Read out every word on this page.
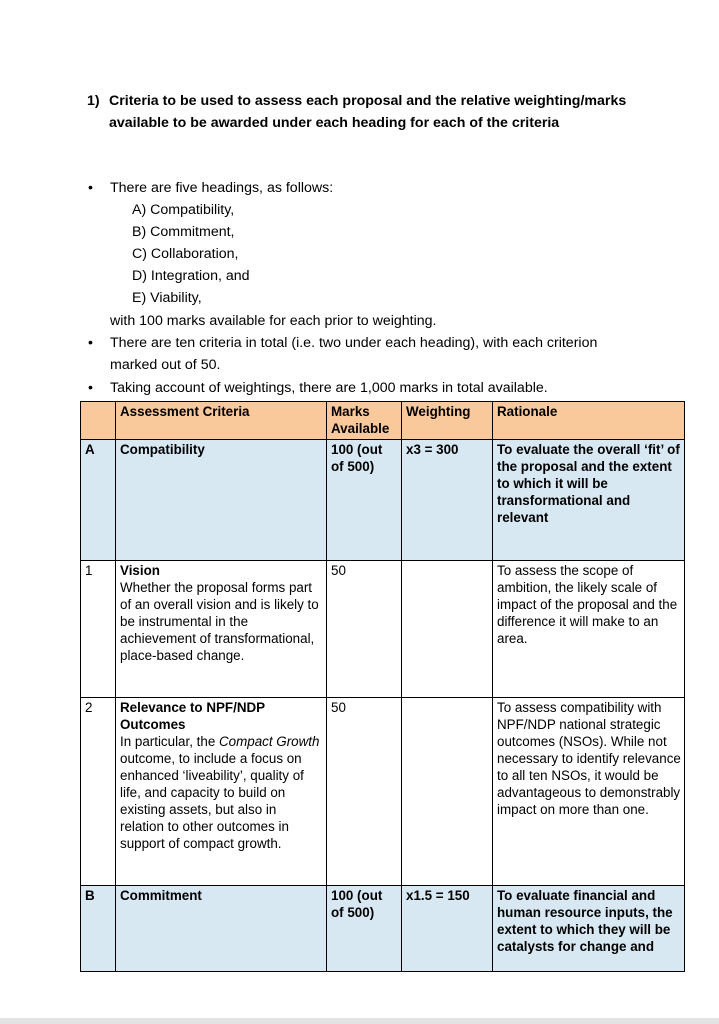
1) Criteria to be used to assess each proposal and the relative weighting/marks available to be awarded under each heading for each of the criteria
• There are five headings, as follows:
A) Compatibility,
B) Commitment,
C) Collaboration,
D) Integration, and
E) Viability,
with 100 marks available for each prior to weighting.
• There are ten criteria in total (i.e. two under each heading), with each criterion marked out of 50.
• Taking account of weightings, there are 1,000 marks in total available.
	Assessment Criteria	Marks Available	Weighting	Rationale
A	Compatibility	100 (out of 500)	x3 = 300	To evaluate the overall ‘fit’ of the proposal and the extent to which it will be transformational and relevant
1	Vision
Whether the proposal forms part of an overall vision and is likely to be instrumental in the achievement of transformational, place-based change.	50		To assess the scope of ambition, the likely scale of impact of the proposal and the difference it will make to an area.
2	Relevance to NPF/NDP Outcomes
In particular, the Compact Growth outcome, to include a focus on enhanced ‘liveability’, quality of life, and capacity to build on existing assets, but also in relation to other outcomes in support of compact growth.	50		To assess compatibility with NPF/NDP national strategic outcomes (NSOs). While not necessary to identify relevance to all ten NSOs, it would be advantageous to demonstrably impact on more than one.
B	Commitment	100 (out of 500)	x1.5 = 150	To evaluate financial and human resource inputs, the extent to which they will be catalysts for change and
